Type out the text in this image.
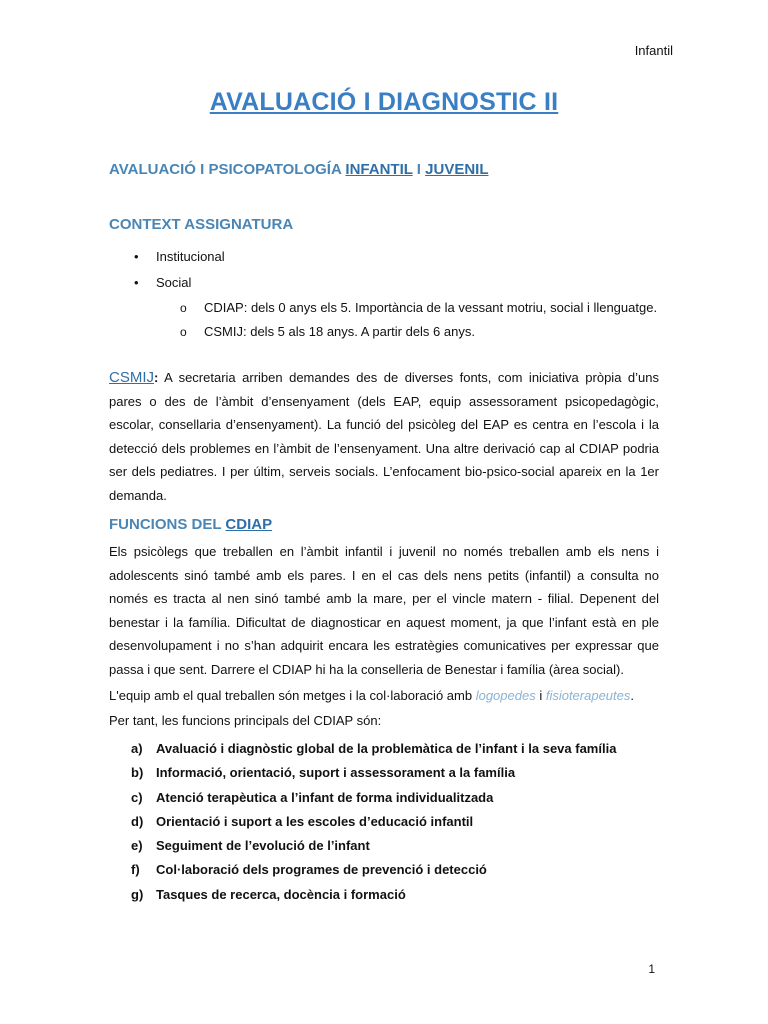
Infantil
AVALUACIÓ I DIAGNOSTIC II
AVALUACIÓ I PSICOPATOLOGÍA INFANTIL I JUVENIL
CONTEXT ASSIGNATURA
• Institucional
• Social
o CDIAP: dels 0 anys els 5. Importància de la vessant motriu, social i llenguatge.
o CSMIJ: dels 5 als 18 anys. A partir dels 6 anys.
CSMIJ: A secretaria arriben demandes des de diverses fonts, com iniciativa pròpia d’uns pares o des de l’àmbit d’ensenyament (dels EAP, equip assessorament psicopedagògic, escolar, consellaria d’ensenyament). La funció del psicòleg del EAP es centra en l’escola i la detecció dels problemes en l’àmbit de l’ensenyament. Una altre derivació cap al CDIAP podria ser dels pediatres. I per últim, serveis socials. L’enfocament bio-psico-social apareix en la 1er demanda.
FUNCIONS DEL CDIAP
Els psicòlegs que treballen en l’àmbit infantil i juvenil no només treballen amb els nens i adolescents sinó també amb els pares. I en el cas dels nens petits (infantil) a consulta no només es tracta al nen sinó també amb la mare, per el vincle matern - filial. Depenent del benestar i la família. Dificultat de diagnosticar en aquest moment, ja que l’infant està en ple desenvolupament i no s’han adquirit encara les estratègies comunicatives per expressar que passa i que sent. Darrere el CDIAP hi ha la conselleria de Benestar i família (àrea social).
L'equip amb el qual treballen són metges i la col·laboració amb logopedes i fisioterapeutes.
Per tant, les funcions principals del CDIAP són:
a) Avaluació i diagnòstic global de la problemàtica de l’infant i la seva família
b) Informació, orientació, suport i assessorament a la família
c) Atenció terapèutica a l’infant de forma individualitzada
d) Orientació i suport a les escoles d’educació infantil
e) Seguiment de l’evolució de l’infant
f) Col·laboració dels programes de prevenció i detecció
g) Tasques de recerca, docència i formació
1
